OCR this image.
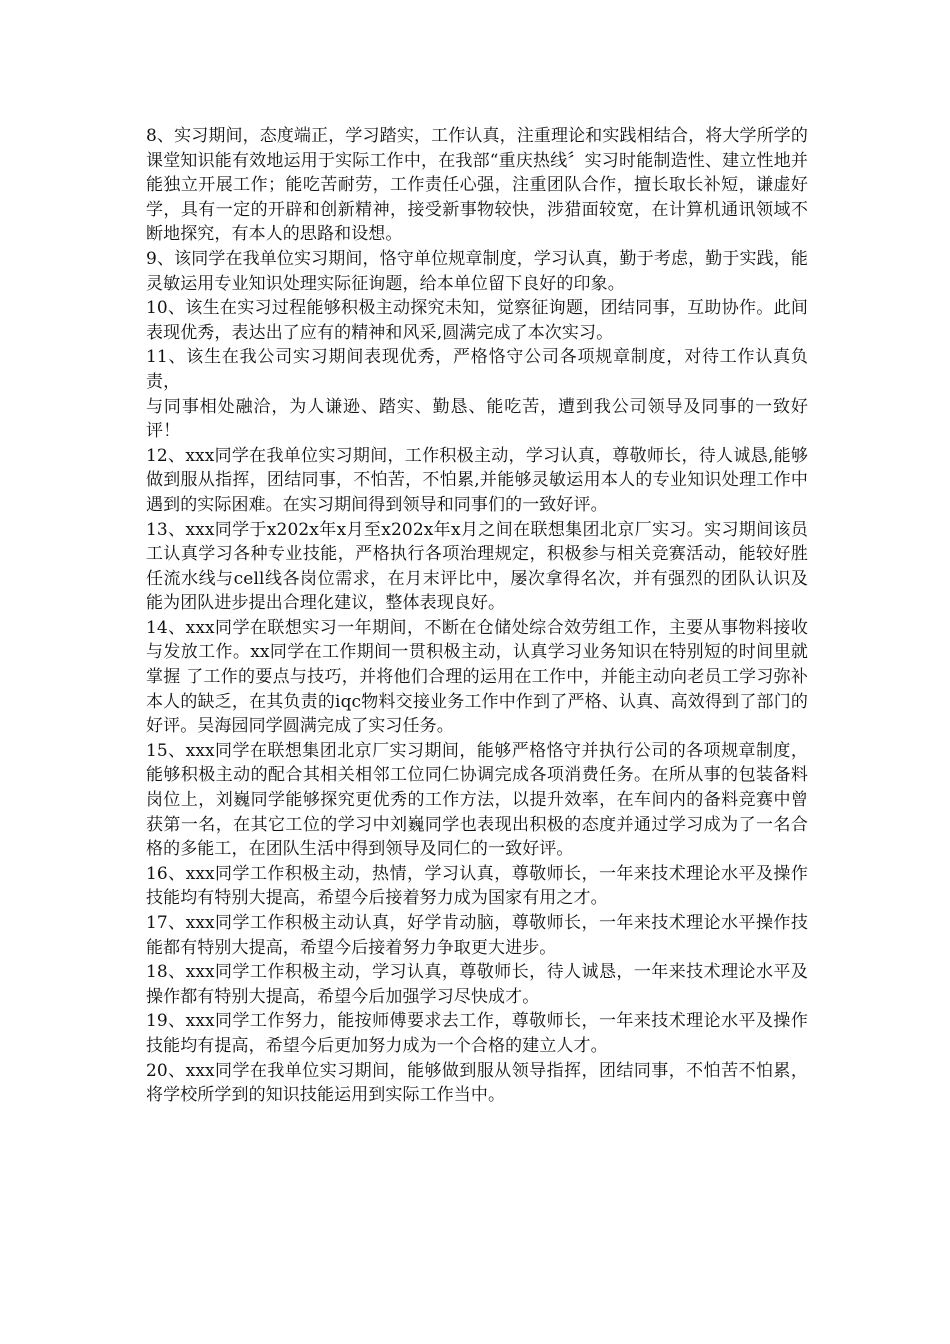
8、实习期间，态度端正，学习踏实，工作认真，注重理论和实践相结合，将大学所学的课堂知识能有效地运用于实际工作中，在我部“重庆热线〞实习时能制造性、建立性地并能独立开展工作；能吃苦耐劳，工作责任心强，注重团队合作，擅长取长补短，谦虚好学，具有一定的开辟和创新精神，接受新事物较快，涉猎面较宽，在计算机通讯领域不断地探究，有本人的思路和设想。

9、该同学在我单位实习期间，恪守单位规章制度，学习认真，勤于考虑，勤于实践，能灵敏运用专业知识处理实际征询题，给本单位留下良好的印象。

10、该生在实习过程能够积极主动探究未知，觉察征询题，团结同事，互助协作。此间表现优秀，表达出了应有的精神和风采,圆满完成了本次实习。

11、该生在我公司实习期间表现优秀，严格恪守公司各项规章制度，对待工作认真负责，

与同事相处融洽，为人谦逊、踏实、勤恳、能吃苦，遭到我公司领导及同事的一致好评！

12、xxx同学在我单位实习期间，工作积极主动，学习认真，尊敬师长，待人诚恳,能够做到服从指挥，团结同事，不怕苦，不怕累,并能够灵敏运用本人的专业知识处理工作中遇到的实际困难。在实习期间得到领导和同事们的一致好评。

13、xxx同学于x202x年x月至x202x年x月之间在联想集团北京厂实习。实习期间该员工认真学习各种专业技能，严格执行各项治理规定，积极参与相关竞赛活动，能较好胜任流水线与cell线各岗位需求，在月末评比中，屡次拿得名次，并有强烈的团队认识及能为团队进步提出合理化建议，整体表现良好。

14、xxx同学在联想实习一年期间，不断在仓储处综合效劳组工作，主要从事物料接收与发放工作。xx同学在工作期间一贯积极主动，认真学习业务知识在特别短的时间里就掌握 了工作的要点与技巧，并将他们合理的运用在工作中，并能主动向老员工学习弥补本人的缺乏，在其负责的iqc物料交接业务工作中作到了严格、认真、高效得到了部门的好评。吴海园同学圆满完成了实习任务。

15、xxx同学在联想集团北京厂实习期间，能够严格恪守并执行公司的各项规章制度，能够积极主动的配合其相关相邻工位同仁协调完成各项消费任务。在所从事的包装备料岗位上，刘巍同学能够探究更优秀的工作方法，以提升效率，在车间内的备料竞赛中曾获第一名，在其它工位的学习中刘巍同学也表现出积极的态度并通过学习成为了一名合格的多能工，在团队生活中得到领导及同仁的一致好评。

16、xxx同学工作积极主动，热情，学习认真，尊敬师长，一年来技术理论水平及操作技能均有特别大提高，希望今后接着努力成为国家有用之才。

17、xxx同学工作积极主动认真，好学肯动脑，尊敬师长，一年来技术理论水平操作技能都有特别大提高，希望今后接着努力争取更大进步。

18、xxx同学工作积极主动，学习认真，尊敬师长，待人诚恳，一年来技术理论水平及操作都有特别大提高，希望今后加强学习尽快成才。

19、xxx同学工作努力，能按师傅要求去工作，尊敬师长，一年来技术理论水平及操作技能均有提高，希望今后更加努力成为一个合格的建立人才。

20、xxx同学在我单位实习期间，能够做到服从领导指挥，团结同事，不怕苦不怕累，将学校所学到的知识技能运用到实际工作当中。
